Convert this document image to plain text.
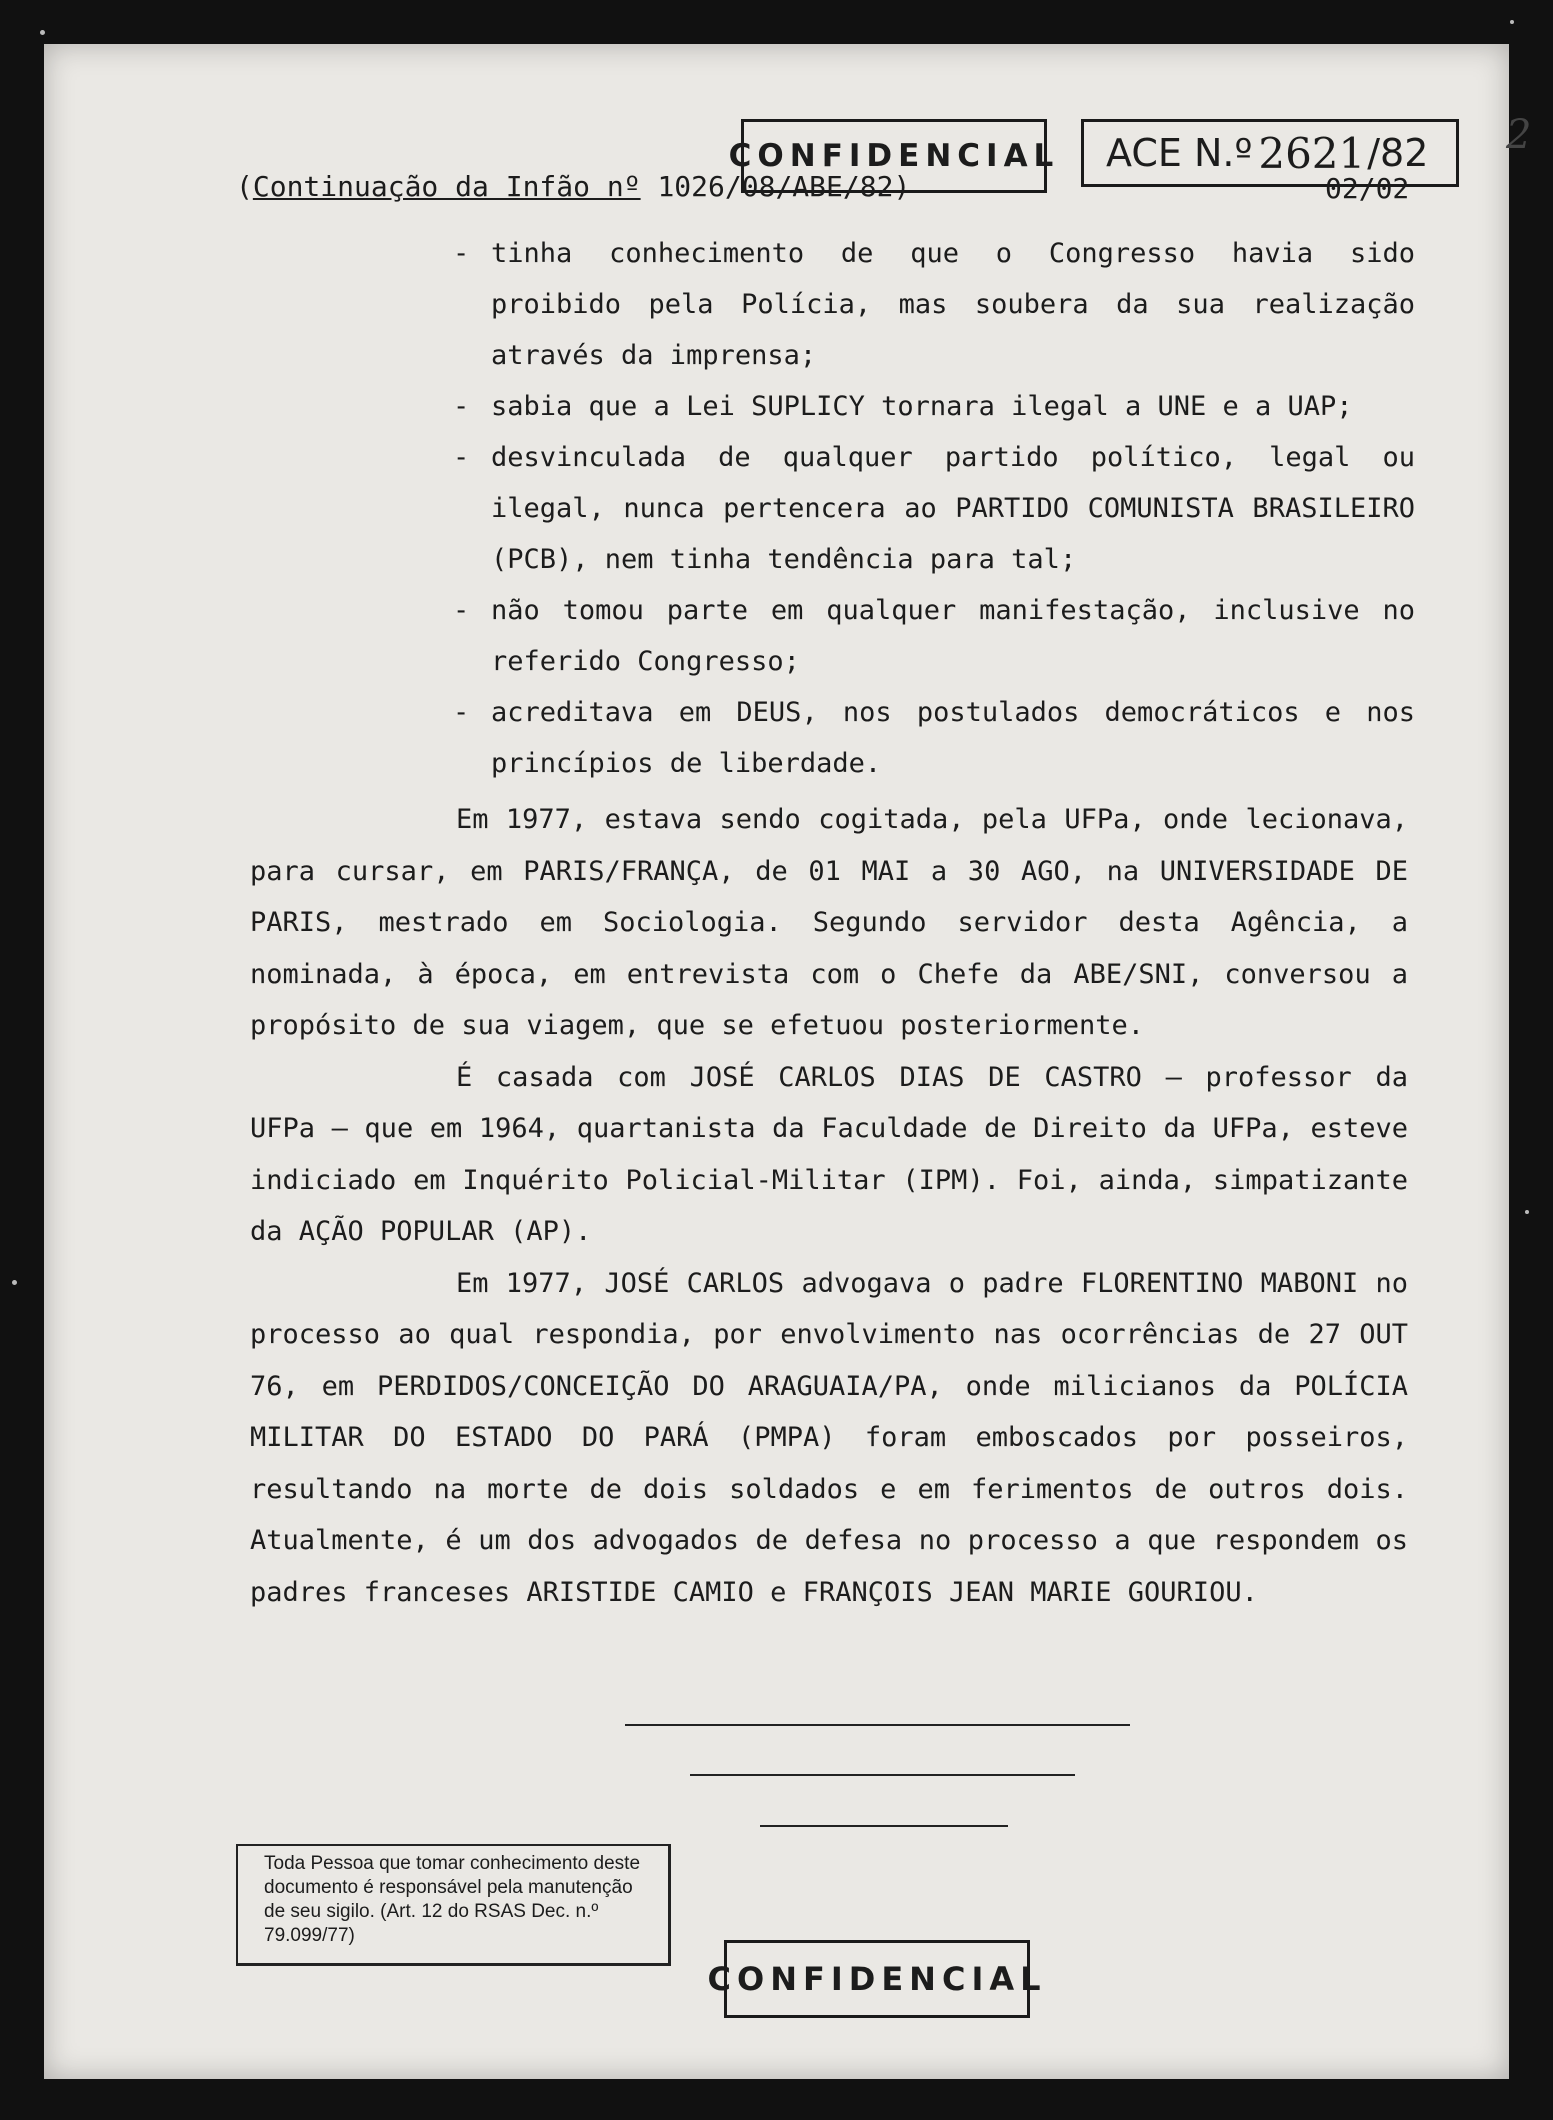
2
CONFIDENCIAL ACE N.º 2621 /82
(Continuação da Infão nº 1026/08/ABE/82)	02/02
- tinha conhecimento de que o Congresso havia sido proibido pela Polícia, mas soubera da sua realização através da imprensa;
- sabia que a Lei SUPLICY tornara ilegal a UNE e a UAP;
- desvinculada de qualquer partido político, legal ou ilegal, nunca pertencera ao PARTIDO COMUNISTA BRASILEIRO (PCB), nem tinha tendência para tal;
- não tomou parte em qualquer manifestação, inclusive no referido Congresso;
- acreditava em DEUS, nos postulados democráticos e nos princípios de liberdade.

Em 1977, estava sendo cogitada, pela UFPa, onde lecionava, para cursar, em PARIS/FRANÇA, de 01 MAI a 30 AGO, na UNIVERSIDADE DE PARIS, mestrado em Sociologia. Segundo servidor desta Agência, a nominada, à época, em entrevista com o Chefe da ABE/SNI, conversou a propósito de sua viagem, que se efetuou posteriormente.

É casada com JOSÉ CARLOS DIAS DE CASTRO — professor da UFPa — que em 1964, quartanista da Faculdade de Direito da UFPa, esteve indiciado em Inquérito Policial-Militar (IPM). Foi, ainda, simpatizante da AÇÃO POPULAR (AP).

Em 1977, JOSÉ CARLOS advogava o padre FLORENTINO MABONI no processo ao qual respondia, por envolvimento nas ocorrências de 27 OUT 76, em PERDIDOS/CONCEIÇÃO DO ARAGUAIA/PA, onde milicianos da POLÍCIA MILITAR DO ESTADO DO PARÁ (PMPA) foram emboscados por posseiros, resultando na morte de dois soldados e em ferimentos de outros dois. Atualmente, é um dos advogados de defesa no processo a que respondem os padres franceses ARISTIDE CAMIO e FRANÇOIS JEAN MARIE GOURIOU.

Toda Pessoa que tomar conhecimento deste documento é responsável pela manutenção de seu sigilo. (Art. 12 do RSAS Dec. n.º 79.099/77)
CONFIDENCIAL
